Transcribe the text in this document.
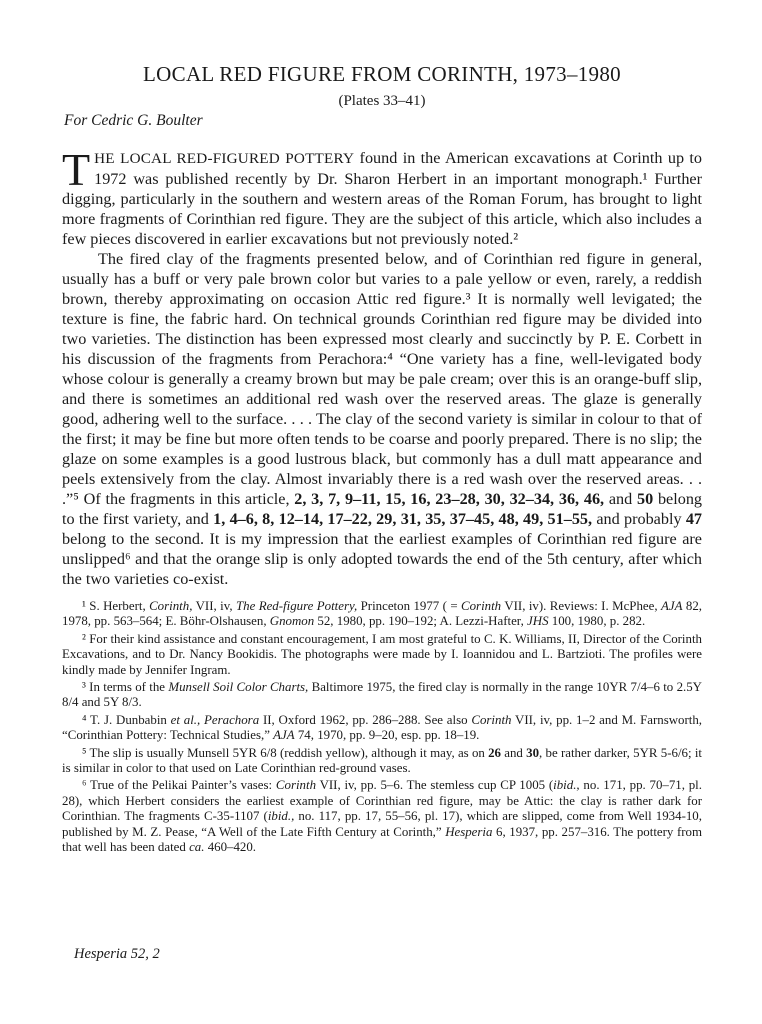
LOCAL RED FIGURE FROM CORINTH, 1973–1980
(Plates 33–41)
For Cedric G. Boulter

THE LOCAL RED-FIGURED POTTERY found in the American excavations at Corinth up to 1972 was published recently by Dr. Sharon Herbert in an important monograph.¹ Further digging, particularly in the southern and western areas of the Roman Forum, has brought to light more fragments of Corinthian red figure. They are the subject of this article, which also includes a few pieces discovered in earlier excavations but not previously noted.²

The fired clay of the fragments presented below, and of Corinthian red figure in general, usually has a buff or very pale brown color but varies to a pale yellow or even, rarely, a reddish brown, thereby approximating on occasion Attic red figure.³ It is normally well levigated; the texture is fine, the fabric hard. On technical grounds Corinthian red figure may be divided into two varieties. The distinction has been expressed most clearly and succinctly by P. E. Corbett in his discussion of the fragments from Perachora:⁴ “One variety has a fine, well-levigated body whose colour is generally a creamy brown but may be pale cream; over this is an orange-buff slip, and there is sometimes an additional red wash over the reserved areas. The glaze is generally good, adhering well to the surface. . . . The clay of the second variety is similar in colour to that of the first; it may be fine but more often tends to be coarse and poorly prepared. There is no slip; the glaze on some examples is a good lustrous black, but commonly has a dull matt appearance and peels extensively from the clay. Almost invariably there is a red wash over the reserved areas. . . .”⁵ Of the fragments in this article, 2, 3, 7, 9–11, 15, 16, 23–28, 30, 32–34, 36, 46, and 50 belong to the first variety, and 1, 4–6, 8, 12–14, 17–22, 29, 31, 35, 37–45, 48, 49, 51–55, and probably 47 belong to the second. It is my impression that the earliest examples of Corinthian red figure are unslipped⁶ and that the orange slip is only adopted towards the end of the 5th century, after which the two varieties co-exist.

¹ S. Herbert, Corinth, VII, iv, The Red-figure Pottery, Princeton 1977 ( = Corinth VII, iv). Reviews: I. McPhee, AJA 82, 1978, pp. 563–564; E. Böhr-Olshausen, Gnomon 52, 1980, pp. 190–192; A. Lezzi-Hafter, JHS 100, 1980, p. 282.

² For their kind assistance and constant encouragement, I am most grateful to C. K. Williams, II, Director of the Corinth Excavations, and to Dr. Nancy Bookidis. The photographs were made by I. Ioannidou and L. Bartzioti. The profiles were kindly made by Jennifer Ingram.

³ In terms of the Munsell Soil Color Charts, Baltimore 1975, the fired clay is normally in the range 10YR 7/4–6 to 2.5Y 8/4 and 5Y 8/3.

⁴ T. J. Dunbabin et al., Perachora II, Oxford 1962, pp. 286–288. See also Corinth VII, iv, pp. 1–2 and M. Farnsworth, “Corinthian Pottery: Technical Studies,” AJA 74, 1970, pp. 9–20, esp. pp. 18–19.

⁵ The slip is usually Munsell 5YR 6/8 (reddish yellow), although it may, as on 26 and 30, be rather darker, 5YR 5-6/6; it is similar in color to that used on Late Corinthian red-ground vases.

⁶ True of the Pelikai Painter’s vases: Corinth VII, iv, pp. 5–6. The stemless cup CP 1005 (ibid., no. 171, pp. 70–71, pl. 28), which Herbert considers the earliest example of Corinthian red figure, may be Attic: the clay is rather dark for Corinthian. The fragments C-35-1107 (ibid., no. 117, pp. 17, 55–56, pl. 17), which are slipped, come from Well 1934-10, published by M. Z. Pease, “A Well of the Late Fifth Century at Corinth,” Hesperia 6, 1937, pp. 257–316. The pottery from that well has been dated ca. 460–420.

Hesperia 52, 2
